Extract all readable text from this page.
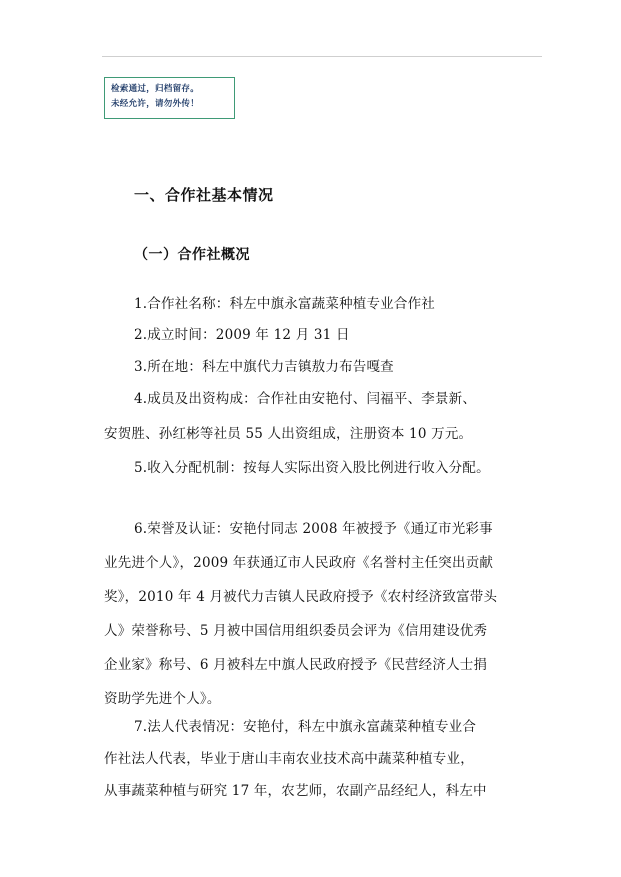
检索通过，归档留存。
未经允许，请勿外传！
一、合作社基本情况
（一）合作社概况
1.合作社名称：科左中旗永富蔬菜种植专业合作社
2.成立时间：2009 年 12 月 31 日
3.所在地：科左中旗代力吉镇敖力布告嘎查
4.成员及出资构成：合作社由安艳付、闫福平、李景新、
安贺胜、孙红彬等社员 55 人出资组成，注册资本 10 万元。
5.收入分配机制：按每人实际出资入股比例进行收入分配。
6.荣誉及认证：安艳付同志 2008 年被授予《通辽市光彩事
业先进个人》，2009 年获通辽市人民政府《名誉村主任突出贡献
奖》，2010 年 4 月被代力吉镇人民政府授予《农村经济致富带头
人》荣誉称号、5 月被中国信用组织委员会评为《信用建设优秀
企业家》称号、6 月被科左中旗人民政府授予《民营经济人士捐
资助学先进个人》。
7.法人代表情况：安艳付，科左中旗永富蔬菜种植专业合
作社法人代表，毕业于唐山丰南农业技术高中蔬菜种植专业，
从事蔬菜种植与研究 17 年，农艺师，农副产品经纪人，科左中
